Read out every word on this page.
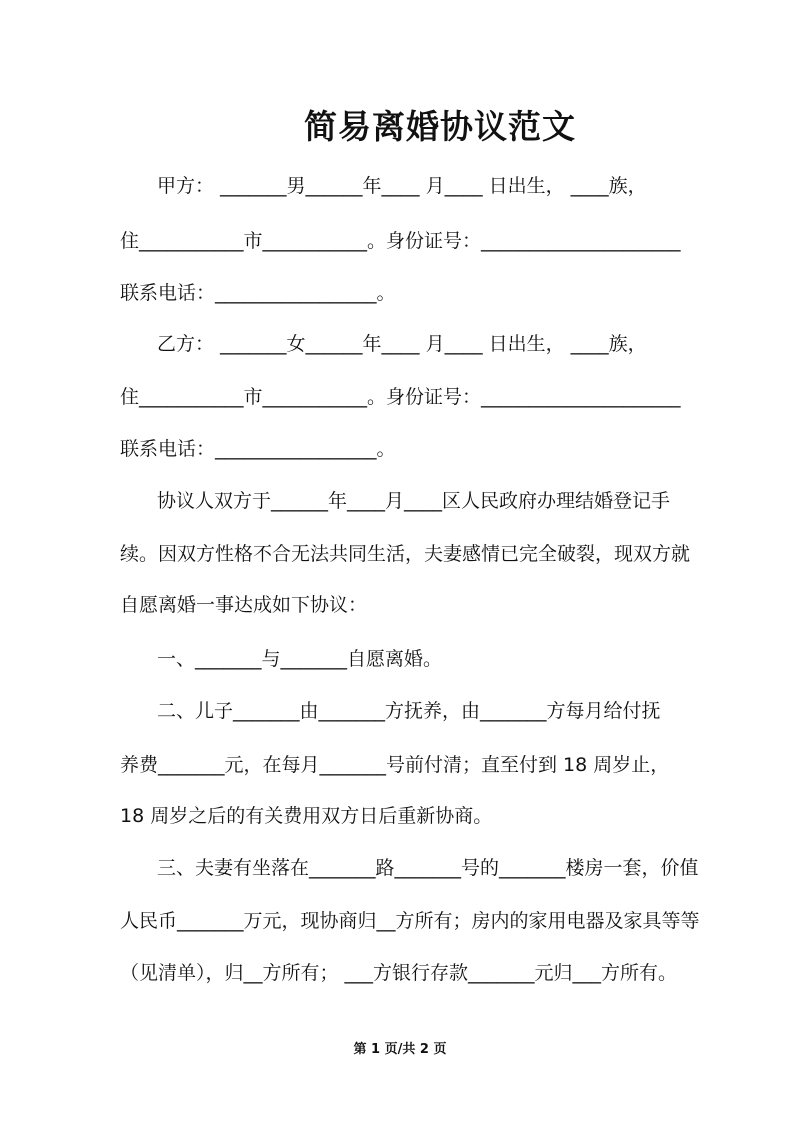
简易离婚协议范文
甲方： _______男______年____ 月____ 日出生， ____族，
住___________市___________。身份证号：_____________________
联系电话：_________________。
乙方： _______女______年____ 月____ 日出生， ____族，
住___________市___________。身份证号：_____________________
联系电话：_________________。
协议人双方于______年____月____区人民政府办理结婚登记手
续。因双方性格不合无法共同生活，夫妻感情已完全破裂，现双方就
自愿离婚一事达成如下协议：
一、_______与_______自愿离婚。
二、儿子_______由_______方抚养，由_______方每月给付抚
养费_______元，在每月_______号前付清；直至付到 18 周岁止，
18 周岁之后的有关费用双方日后重新协商。
三、夫妻有坐落在_______路_______号的_______楼房一套，价值
人民币_______万元，现协商归__方所有；房内的家用电器及家具等等
（见清单），归__方所有； ___方银行存款_______元归___方所有。
第 1 页/共 2 页
